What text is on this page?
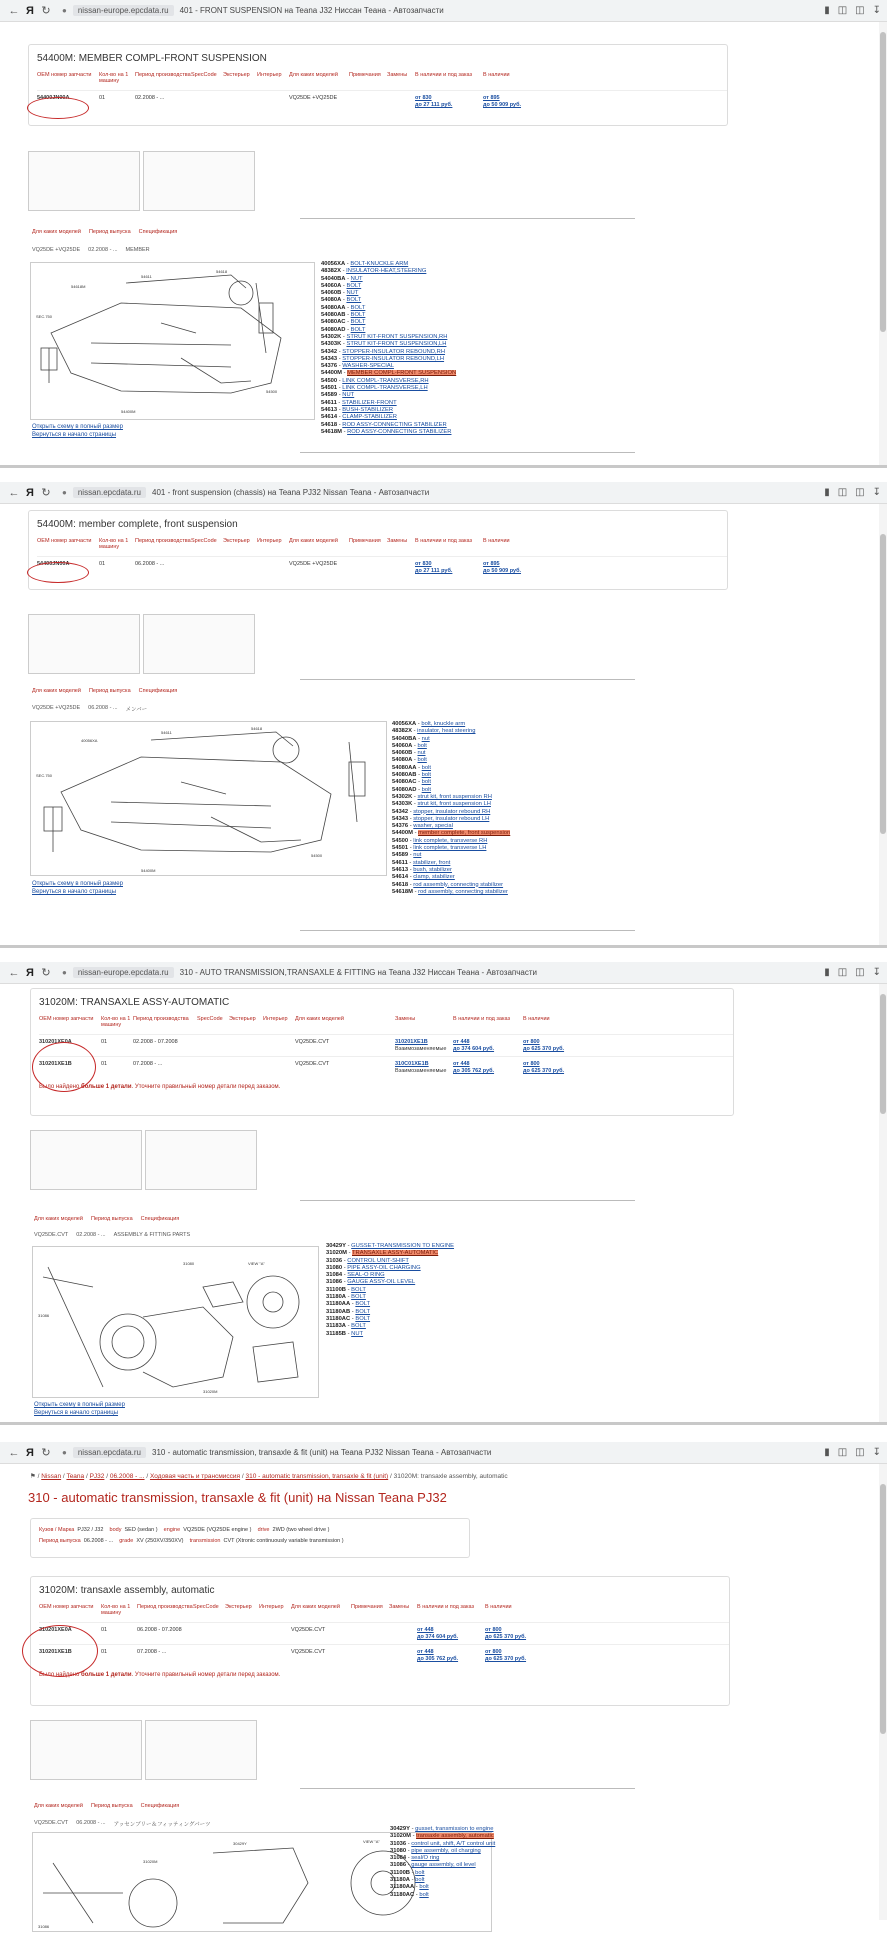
← Я ↻	●	nissan-europe.epcdata.ru	401 - FRONT SUSPENSION на Teana J32 Ниссан Теана - Автозапчасти	▮ ◫ ◫ ↧
54400M: MEMBER COMPL-FRONT SUSPENSION
OEM номер запчасти	Кол-во на 1 машину
Период производства SpecCode	Экстерьер	Интерьер	Для каких моделей	Примечания	Замены	В наличии и под заказ	В наличии
54400JN00A	01	02.2008 - ...	VQ25DE +VQ25DE	от 830
до 27 111 руб.
от 895
до 50 909 руб.
Для каких моделей Период выпуска Спецификация
VQ25DE +VQ25DE 02.2008 - ... MEMBER
54618M
54611
54618
SEC.750
54500
54400M
40056XA - BOLT-KNUCKLE ARM
48382X - INSULATOR-HEAT,STEERING
54040BA - NUT
54060A - BOLT
54060B - NUT
54080A - BOLT
54080AA - BOLT
54080AB - BOLT
54080AC - BOLT
54080AD - BOLT
54302K - STRUT KIT-FRONT SUSPENSION,RH
54303K - STRUT KIT-FRONT SUSPENSION,LH
54342 - STOPPER-INSULATOR REBOUND,RH
54343 - STOPPER-INSULATOR REBOUND,LH
54376 - WASHER-SPECIAL
54400M - MEMBER COMPL-FRONT SUSPENSION
54500 - LINK COMPL-TRANSVERSE,RH
54501 - LINK COMPL-TRANSVERSE,LH
54589 - NUT
54611 - STABILIZER-FRONT
54613 - BUSH-STABILIZER
54614 - CLAMP-STABILIZER
54618 - ROD ASSY-CONNECTING STABILIZER
54618M - ROD ASSY-CONNECTING STABILIZER
Открыть схему в полный размер
Вернуться в начало страницы
← Я ↻	●	nissan.epcdata.ru	401 - front suspension (chassis) на Teana PJ32 Nissan Teana - Автозапчасти	▮ ◫ ◫ ↧
54400M: member complete, front suspension
OEM номер запчасти	Кол-во на 1 машину
Период производства SpecCode	Экстерьер	Интерьер	Для каких моделей	Примечания	Замены	В наличии и под заказ	В наличии
54400JN00A	01	06.2008 - ...	VQ25DE +VQ25DE	от 830
до 27 111 руб.
от 895
до 50 909 руб.
Для каких моделей Период выпуска Спецификация
VQ25DE +VQ25DE 06.2008 - ... メンバー
40056XA
54611
54618
SEC.750
54500
54400M
40056XA - bolt, knuckle arm
48382X - insulator, heat steering
54040BA - nut
54060A - bolt
54060B - nut
54080A - bolt
54080AA - bolt
54080AB - bolt
54080AC - bolt
54080AD - bolt
54302K - strut kit, front suspension RH
54303K - strut kit, front suspension LH
54342 - stopper, insulator rebound RH
54343 - stopper, insulator rebound LH
54376 - washer, special
54400M - member complete, front suspension
54500 - link complete, transverse RH
54501 - link complete, transverse LH
54589 - nut
54611 - stabilizer, front
54613 - bush, stabilizer
54614 - clamp, stabilizer
54618 - rod assembly, connecting stabilizer
54618M - rod assembly, connecting stabilizer
Открыть схему в полный размер
Вернуться в начало страницы
← Я ↻	●	nissan-europe.epcdata.ru	310 - AUTO TRANSMISSION,TRANSAXLE & FITTING на Teana J32 Ниссан Теана - Автозапчасти	▮ ◫ ◫ ↧
31020M: TRANSAXLE ASSY-AUTOMATIC
OEM номер запчасти	Кол-во на 1 машину
Период производства	SpecCode	Экстерьер	Интерьер	Для каких моделей	Замены	В наличии и под заказ	В наличии
310201XE0A	01	02.2008 - 07.2008	VQ25DE.CVT	310201XE1B
Взаимозаменяемые
от 448
до 374 604 руб.
от 800
до 625 370 руб.
310201XE1B	01	07.2008 - ...	VQ25DE.CVT	310C01XE1B
Взаимозаменяемые
от 448
до 305 762 руб.
от 800
до 625 370 руб.
Было найдено больше 1 детали. Уточните правильный номер детали перед заказом.
Для каких моделей Период выпуска Спецификация
VQ25DE.CVT 02.2008 - ... ASSEMBLY & FITTING PARTS
31080	VIEW "A"
31086
31020M
30429Y - GUSSET-TRANSMISSION TO ENGINE
31020M - TRANSAXLE ASSY-AUTOMATIC
31036 - CONTROL UNIT-SHIFT
31080 - PIPE ASSY-OIL CHARGING
31084 - SEAL-O RING
31086 - GAUGE ASSY-OIL LEVEL
31100B - BOLT
31180A - BOLT
31180AA - BOLT
31180AB - BOLT
31180AC - BOLT
31183A - BOLT
31185B - NUT
Открыть схему в полный размер
Вернуться в начало страницы
← Я ↻	●	nissan.epcdata.ru	310 - automatic transmission, transaxle & fit (unit) на Teana PJ32 Nissan Teana - Автозапчасти	▮ ◫ ◫ ↧
⚑ / Nissan / Teana / PJ32 / 06.2008 - ... / Ходовая часть и трансмиссия / 310 - automatic transmission, transaxle & fit (unit) / 31020M: transaxle assembly, automatic
310 - automatic transmission, transaxle & fit (unit) на Nissan Teana PJ32
Кузов / Марка PJ32 / J32 body SED (sedan ) engine VQ25DE (VQ25DE engine ) drive 2WD (two wheel drive )
Период выпуска 06.2008 - ... grade XV (250XV/350XV) transmission CVT (Xtronic continuously variable transmission )
31020M: transaxle assembly, automatic
OEM номер запчасти	Кол-во на 1 машину
Период производства SpecCode	Экстерьер	Интерьер	Для каких моделей	Примечания	Замены	В наличии и под заказ	В наличии
310201XE0A	01	06.2008 - 07.2008	VQ25DE.CVT	от 448
до 374 604 руб.
от 800
до 625 370 руб.
310201XE1B	01	07.2008 - ...	VQ25DE.CVT	от 448
до 305 762 руб.
от 800
до 625 370 руб.
Было найдено больше 1 детали. Уточните правильный номер детали перед заказом.
Для каких моделей Период выпуска Спецификация
VQ25DE.CVT 06.2008 - ... アッセンブリー＆フィッティングパーツ
30429Y	VIEW "A"
31020M
31086
30429Y - gusset, transmission to engine
31020M - transaxle assembly, automatic
31036 - control unit, shift, A/T control unit
31080 - pipe assembly, oil charging
31084 - seal/O ring
31086 - gauge assembly, oil level
31100B - bolt
31180A - bolt
31180AA - bolt
31180AC - bolt
